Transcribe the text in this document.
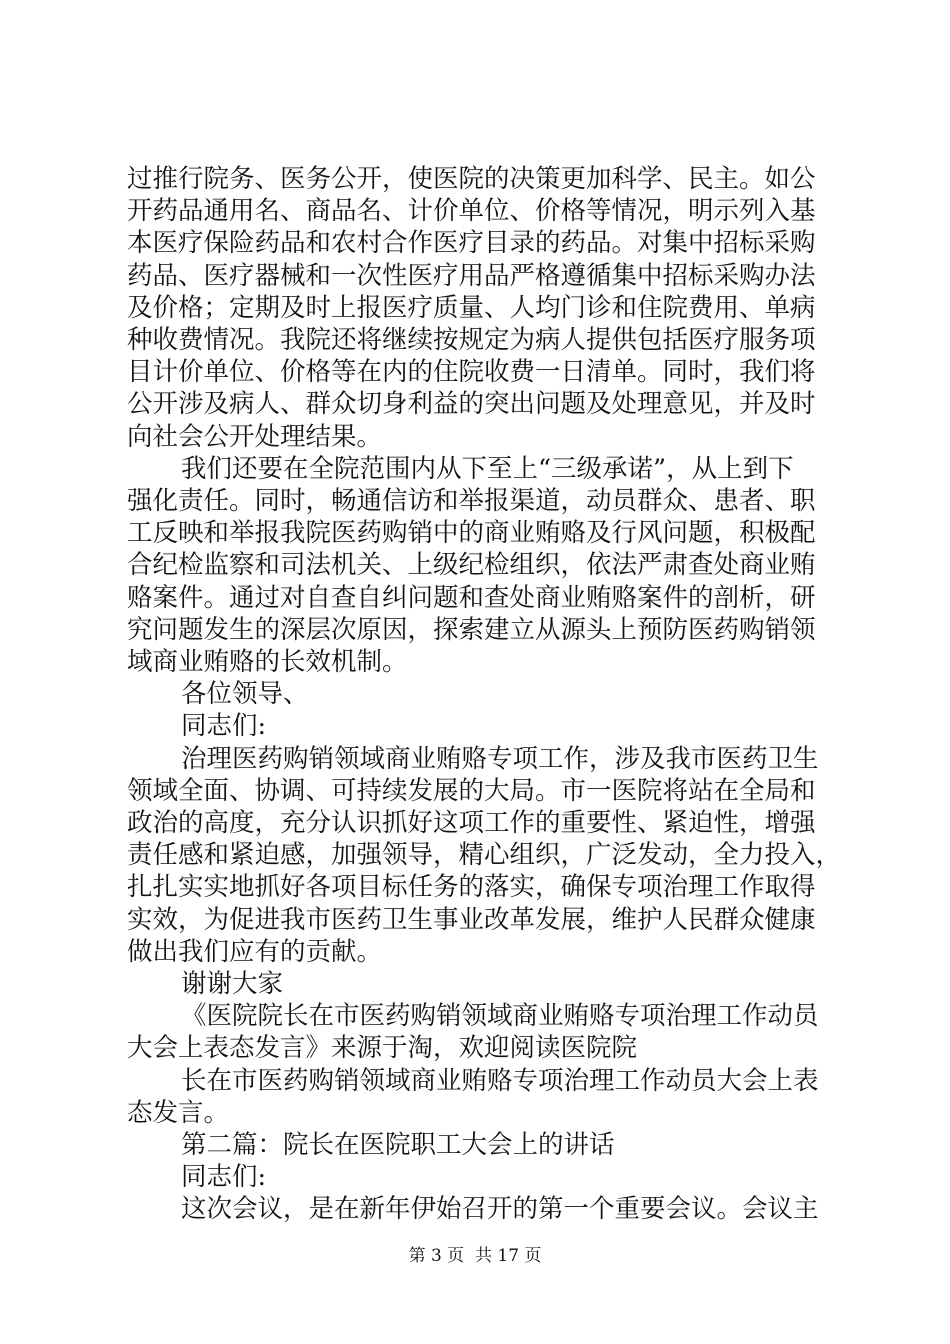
过推行院务、医务公开，使医院的决策更加科学、民主。如公
开药品通用名、商品名、计价单位、价格等情况，明示列入基
本医疗保险药品和农村合作医疗目录的药品。对集中招标采购
药品、医疗器械和一次性医疗用品严格遵循集中招标采购办法
及价格；定期及时上报医疗质量、人均门诊和住院费用、单病
种收费情况。我院还将继续按规定为病人提供包括医疗服务项
目计价单位、价格等在内的住院收费一日清单。同时，我们将
公开涉及病人、群众切身利益的突出问题及处理意见，并及时
向社会公开处理结果。
我们还要在全院范围内从下至上“三级承诺”，从上到下
强化责任。同时，畅通信访和举报渠道，动员群众、患者、职
工反映和举报我院医药购销中的商业贿赂及行风问题，积极配
合纪检监察和司法机关、上级纪检组织，依法严肃查处商业贿
赂案件。通过对自查自纠问题和查处商业贿赂案件的剖析，研
究问题发生的深层次原因，探索建立从源头上预防医药购销领
域商业贿赂的长效机制。
各位领导、
同志们:
治理医药购销领域商业贿赂专项工作，涉及我市医药卫生
领域全面、协调、可持续发展的大局。市一医院将站在全局和
政治的高度，充分认识抓好这项工作的重要性、紧迫性，增强
责任感和紧迫感，加强领导，精心组织，广泛发动，全力投入，
扎扎实实地抓好各项目标任务的落实，确保专项治理工作取得
实效，为促进我市医药卫生事业改革发展，维护人民群众健康
做出我们应有的贡献。
谢谢大家
《医院院长在市医药购销领域商业贿赂专项治理工作动员
大会上表态发言》来源于淘，欢迎阅读医院院
长在市医药购销领域商业贿赂专项治理工作动员大会上表
态发言。
第二篇：院长在医院职工大会上的讲话
同志们:
这次会议，是在新年伊始召开的第一个重要会议。会议主
第 3 页  共 17 页
